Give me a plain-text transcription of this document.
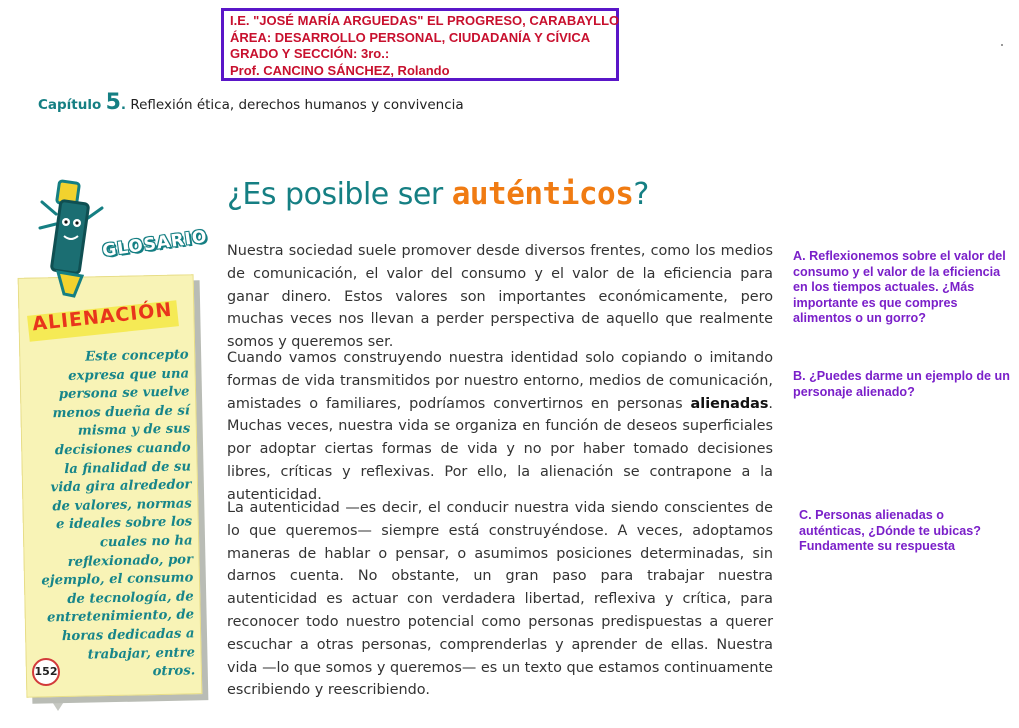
I.E. "JOSÉ MARÍA ARGUEDAS" EL PROGRESO, CARABAYLLO
ÁREA: DESARROLLO PERSONAL, CIUDADANÍA Y CÍVICA
GRADO Y SECCIÓN: 3ro.:
Prof. CANCINO SÁNCHEZ, Rolando
Capítulo 5. Reflexión ética, derechos humanos y convivencia
¿Es posible ser auténticos?

Nuestra sociedad suele promover desde diversos frentes, como los medios de comunicación, el valor del consumo y el valor de la eficiencia para ganar dinero. Estos valores son importantes económicamente, pero muchas veces nos llevan a perder perspectiva de aquello que realmente somos y queremos ser.

Cuando vamos construyendo nuestra identidad solo copiando o imitando formas de vida transmitidos por nuestro entorno, medios de comunicación, amistades o familiares, podríamos convertirnos en personas alienadas. Muchas veces, nuestra vida se organiza en función de deseos superficiales por adoptar ciertas formas de vida y no por haber tomado decisiones libres, críticas y reflexivas. Por ello, la alienación se contrapone a la autenticidad.

La autenticidad —es decir, el conducir nuestra vida siendo conscientes de lo que queremos— siempre está construyéndose. A veces, adoptamos maneras de hablar o pensar, o asumimos posiciones determinadas, sin darnos cuenta. No obstante, un gran paso para trabajar nuestra autenticidad es actuar con verdadera libertad, reflexiva y crítica, para reconocer todo nuestro potencial como personas predispuestas a querer escuchar a otras personas, comprenderlas y aprender de ellas. Nuestra vida —lo que somos y queremos— es un texto que estamos continuamente escribiendo y reescribiendo.

A. Reflexionemos sobre el valor del consumo y el valor de la eficiencia en los tiempos actuales. ¿Más importante es que compres alimentos o un gorro?

B. ¿Puedes darme un ejemplo de un personaje alienado?

C. Personas alienadas o auténticas, ¿Dónde te ubicas? Fundamente su respuesta

ALIENACIÓN

Este concepto expresa que una persona se vuelve menos dueña de sí misma y de sus decisiones cuando la finalidad de su vida gira alrededor de valores, normas e ideales sobre los cuales no ha reflexionado, por ejemplo, el consumo de tecnología, de entretenimiento, de horas dedicadas a trabajar, entre otros.

GLOSARIO
152
